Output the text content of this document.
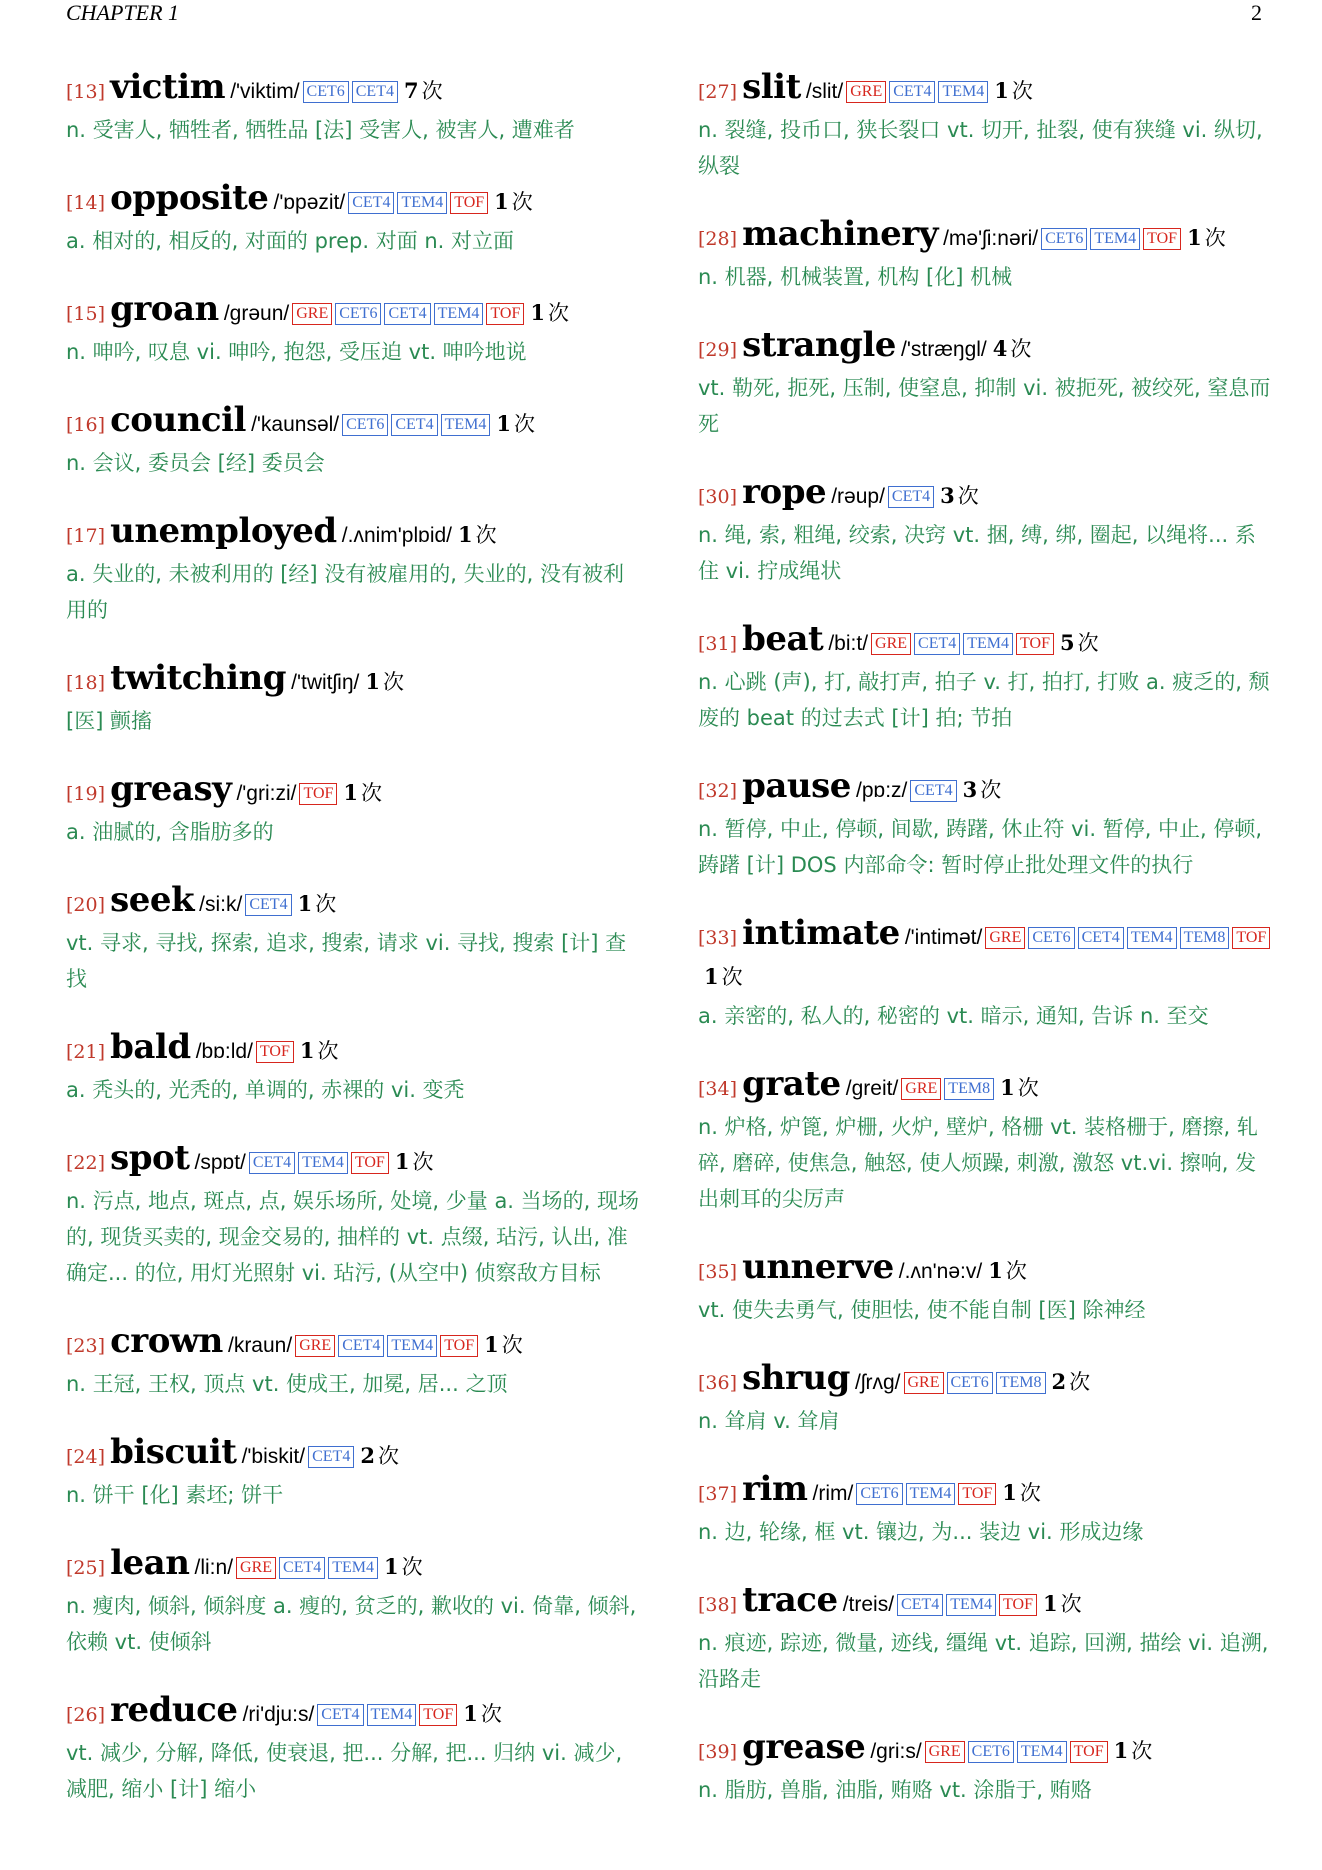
CHAPTER 1	2
[13] victim /'viktim/ CET6 CET4 7 次
n. 受害人, 牺牲者, 牺牲品 [法] 受害人, 被害人, 遭难者
[14] opposite /'ɒpəzit/ CET4 TEM4 TOF 1 次
a. 相对的, 相反的, 对面的 prep. 对面 n. 对立面
[15] groan /grəun/ GRE CET6 CET4 TEM4 TOF 1 次
n. 呻吟, 叹息 vi. 呻吟, 抱怨, 受压迫 vt. 呻吟地说
[16] council /'kaunsəl/ CET6 CET4 TEM4 1 次
n. 会议, 委员会 [经] 委员会
[17] unemployed /.ʌnim'plɒid/ 1 次
a. 失业的, 未被利用的 [经] 没有被雇用的, 失业的, 没有被利用的
[18] twitching /'twitʃiŋ/ 1 次
[医] 颤搐
[19] greasy /'gri:zi/ TOF 1 次
a. 油腻的, 含脂肪多的
[20] seek /si:k/ CET4 1 次
vt. 寻求, 寻找, 探索, 追求, 搜索, 请求 vi. 寻找, 搜索 [计] 查找
[21] bald /bɒ:ld/ TOF 1 次
a. 秃头的, 光秃的, 单调的, 赤裸的 vi. 变秃
[22] spot /spɒt/ CET4 TEM4 TOF 1 次
n. 污点, 地点, 斑点, 点, 娱乐场所, 处境, 少量 a. 当场的, 现场的, 现货买卖的, 现金交易的, 抽样的 vt. 点缀, 玷污, 认出, 准确定... 的位, 用灯光照射 vi. 玷污, (从空中) 侦察敌方目标
[23] crown /kraun/ GRE CET4 TEM4 TOF 1 次
n. 王冠, 王权, 顶点 vt. 使成王, 加冕, 居... 之顶
[24] biscuit /'biskit/ CET4 2 次
n. 饼干 [化] 素坯; 饼干
[25] lean /li:n/ GRE CET4 TEM4 1 次
n. 瘦肉, 倾斜, 倾斜度 a. 瘦的, 贫乏的, 歉收的 vi. 倚靠, 倾斜, 依赖 vt. 使倾斜
[26] reduce /ri'dju:s/ CET4 TEM4 TOF 1 次
vt. 减少, 分解, 降低, 使衰退, 把... 分解, 把... 归纳 vi. 减少, 减肥, 缩小 [计] 缩小
[27] slit /slit/ GRE CET4 TEM4 1 次
n. 裂缝, 投币口, 狭长裂口 vt. 切开, 扯裂, 使有狭缝 vi. 纵切, 纵裂
[28] machinery /mə'ʃi:nəri/ CET6 TEM4 TOF 1 次
n. 机器, 机械装置, 机构 [化] 机械
[29] strangle /'stræŋgl/ 4 次
vt. 勒死, 扼死, 压制, 使窒息, 抑制 vi. 被扼死, 被绞死, 窒息而死
[30] rope /rəup/ CET4 3 次
n. 绳, 索, 粗绳, 绞索, 决窍 vt. 捆, 缚, 绑, 圈起, 以绳将... 系住 vi. 拧成绳状
[31] beat /bi:t/ GRE CET4 TEM4 TOF 5 次
n. 心跳 (声), 打, 敲打声, 拍子 v. 打, 拍打, 打败 a. 疲乏的, 颓废的 beat 的过去式 [计] 拍; 节拍
[32] pause /pɒ:z/ CET4 3 次
n. 暂停, 中止, 停顿, 间歇, 踌躇, 休止符 vi. 暂停, 中止, 停顿, 踌躇 [计] DOS 内部命令: 暂时停止批处理文件的执行
[33] intimate /'intimət/ GRE CET6 CET4 TEM4 TEM8 TOF1 次
a. 亲密的, 私人的, 秘密的 vt. 暗示, 通知, 告诉 n. 至交
[34] grate /greit/ GRE TEM8 1 次
n. 炉格, 炉篦, 炉栅, 火炉, 壁炉, 格栅 vt. 装格栅于, 磨擦, 轧碎, 磨碎, 使焦急, 触怒, 使人烦躁, 刺激, 激怒 vt.vi. 擦响, 发出刺耳的尖厉声
[35] unnerve /.ʌn'nə:v/ 1 次
vt. 使失去勇气, 使胆怯, 使不能自制 [医] 除神经
[36] shrug /ʃrʌg/ GRE CET6 TEM8 2 次
n. 耸肩 v. 耸肩
[37] rim /rim/ CET6 TEM4 TOF 1 次
n. 边, 轮缘, 框 vt. 镶边, 为... 装边 vi. 形成边缘
[38] trace /treis/ CET4 TEM4 TOF 1 次
n. 痕迹, 踪迹, 微量, 迹线, 缰绳 vt. 追踪, 回溯, 描绘 vi. 追溯, 沿路走
[39] grease /gri:s/ GRE CET6 TEM4 TOF 1 次
n. 脂肪, 兽脂, 油脂, 贿赂 vt. 涂脂于, 贿赂
